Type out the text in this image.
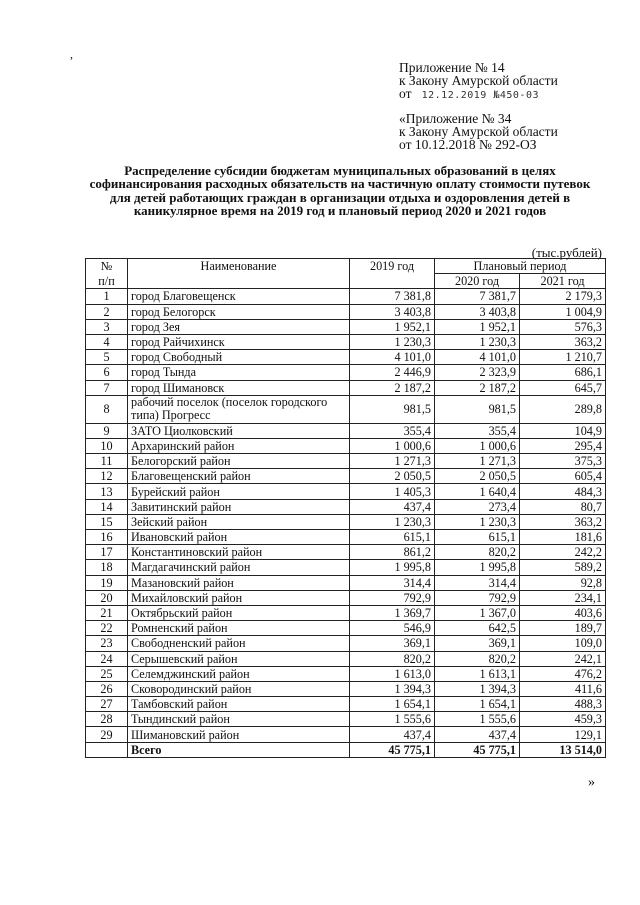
,
Приложение № 14
к Закону Амурской области
от 12.12.2019 №450-03
«Приложение № 34
к Закону Амурской области
от 10.12.2018 № 292-ОЗ
Распределение субсидии бюджетам муниципальных образований в целях софинансирования расходных обязательств на частичную оплату стоимости путевок для детей работающих граждан в организации отдыха и оздоровления детей в каникулярное время на 2019 год и плановый период 2020 и 2021 годов
(тыс.рублей)
№	Наименование	2019 год	Плановый период	
п/п			2020 год	2021 год
1	город Благовещенск	7 381,8	7 381,7	2 179,3
2	город Белогорск	3 403,8	3 403,8	1 004,9
3	город Зея	1 952,1	1 952,1	576,3
4	город Райчихинск	1 230,3	1 230,3	363,2
5	город Свободный	4 101,0	4 101,0	1 210,7
6	город Тында	2 446,9	2 323,9	686,1
7	город Шимановск	2 187,2	2 187,2	645,7
8	рабочий поселок (поселок городского типа) Прогресс	981,5	981,5	289,8
9	ЗАТО Циолковский	355,4	355,4	104,9
10	Архаринский район	1 000,6	1 000,6	295,4
11	Белогорский район	1 271,3	1 271,3	375,3
12	Благовещенский район	2 050,5	2 050,5	605,4
13	Бурейский район	1 405,3	1 640,4	484,3
14	Завитинский район	437,4	273,4	80,7
15	Зейский район	1 230,3	1 230,3	363,2
16	Ивановский район	615,1	615,1	181,6
17	Константиновский район	861,2	820,2	242,2
18	Магдагачинский район	1 995,8	1 995,8	589,2
19	Мазановский район	314,4	314,4	92,8
20	Михайловский район	792,9	792,9	234,1
21	Октябрьский район	1 369,7	1 367,0	403,6
22	Ромненский район	546,9	642,5	189,7
23	Свободненский район	369,1	369,1	109,0
24	Серышевский район	820,2	820,2	242,1
25	Селемджинский район	1 613,0	1 613,1	476,2
26	Сковородинский район	1 394,3	1 394,3	411,6
27	Тамбовский район	1 654,1	1 654,1	488,3
28	Тындинский район	1 555,6	1 555,6	459,3
29	Шимановский район	437,4	437,4	129,1
	Всего	45 775,1	45 775,1	13 514,0
»
